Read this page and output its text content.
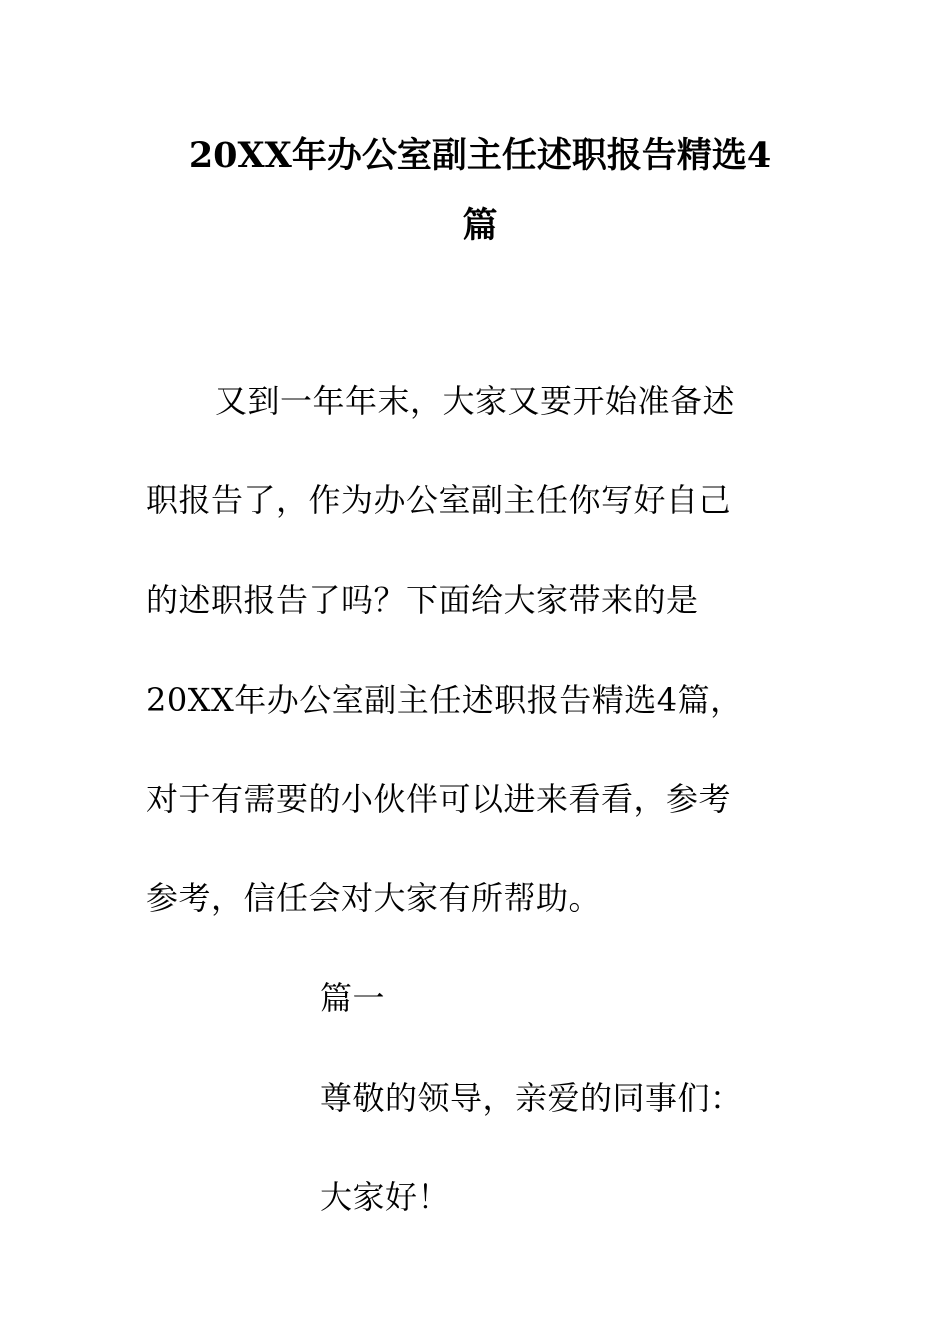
20XX年办公室副主任述职报告精选4
篇
又到一年年末，大家又要开始准备述
职报告了，作为办公室副主任你写好自己
的述职报告了吗？下面给大家带来的是
20XX年办公室副主任述职报告精选4篇，
对于有需要的小伙伴可以进来看看，参考
参考，信任会对大家有所帮助。
篇一
尊敬的领导，亲爱的同事们：
大家好！
